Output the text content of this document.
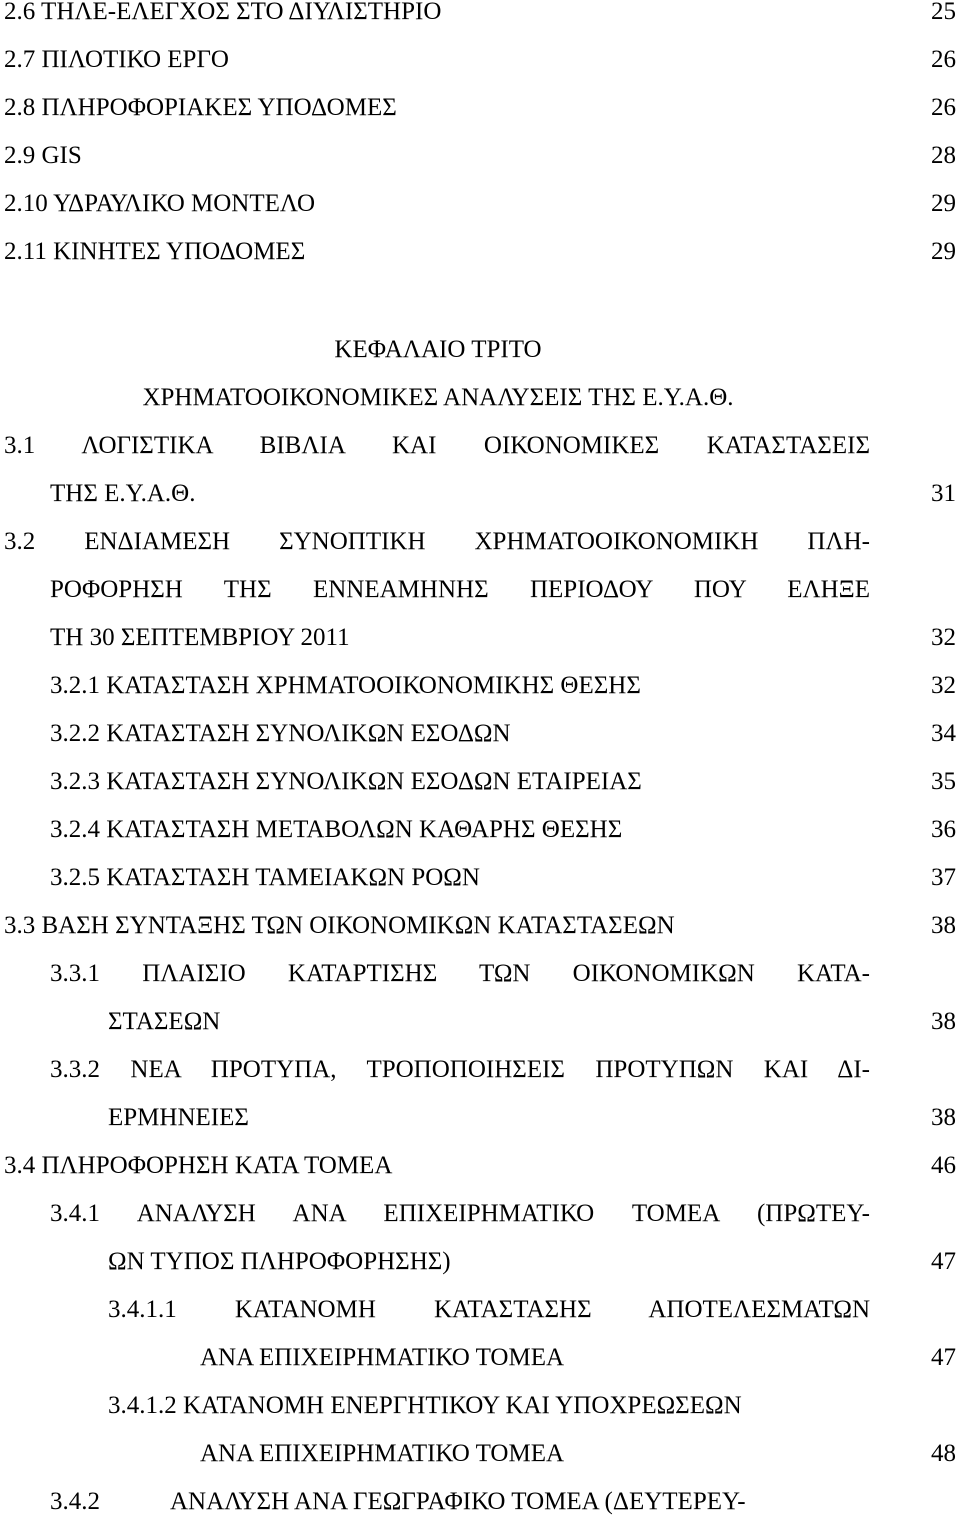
2.6 ΤΗΛΕ-ΕΛΕΓΧΟΣ ΣΤΟ ΔΙΥΛΙΣΤΗΡΙΟ	25
2.7 ΠΙΛΟΤΙΚΟ ΕΡΓΟ	26
2.8 ΠΛΗΡΟΦΟΡΙΑΚΕΣ ΥΠΟΔΟΜΕΣ	26
2.9 GIS	28
2.10 ΥΔΡΑΥΛΙΚΟ ΜΟΝΤΕΛΟ	29
2.11 ΚΙΝΗΤΕΣ ΥΠΟΔΟΜΕΣ	29
ΚΕΦΑΛΑΙΟ ΤΡΙΤΟ
ΧΡΗΜΑΤΟΟΙΚΟΝΟΜΙΚΕΣ ΑΝΑΛΥΣΕΙΣ ΤΗΣ Ε.Υ.Α.Θ.
3.1 ΛΟΓΙΣΤΙΚΑ ΒΙΒΛΙΑ ΚΑΙ ΟΙΚΟΝΟΜΙΚΕΣ ΚΑΤΑΣΤΑΣΕΙΣ
ΤΗΣ Ε.Υ.Α.Θ.	31
3.2 ΕΝΔΙΑΜΕΣΗ ΣΥΝΟΠΤΙΚΗ ΧΡΗΜΑΤΟΟΙΚΟΝΟΜΙΚΗ ΠΛΗ-
ΡΟΦΟΡΗΣΗ ΤΗΣ ΕΝΝΕΑΜΗΝΗΣ ΠΕΡΙΟΔΟΥ ΠΟΥ ΕΛΗΞΕ
ΤΗ 30 ΣΕΠΤΕΜΒΡΙΟΥ 2011	32
3.2.1 ΚΑΤΑΣΤΑΣΗ ΧΡΗΜΑΤΟΟΙΚΟΝΟΜΙΚΗΣ ΘΕΣΗΣ	32
3.2.2 ΚΑΤΑΣΤΑΣΗ ΣΥΝΟΛΙΚΩΝ ΕΣΟΔΩΝ	34
3.2.3 ΚΑΤΑΣΤΑΣΗ ΣΥΝΟΛΙΚΩΝ ΕΣΟΔΩΝ ΕΤΑΙΡΕΙΑΣ	35
3.2.4 ΚΑΤΑΣΤΑΣΗ ΜΕΤΑΒΟΛΩΝ ΚΑΘΑΡΗΣ ΘΕΣΗΣ	36
3.2.5 ΚΑΤΑΣΤΑΣΗ ΤΑΜΕΙΑΚΩΝ ΡΟΩΝ	37
3.3 ΒΑΣΗ ΣΥΝΤΑΞΗΣ ΤΩΝ ΟΙΚΟΝΟΜΙΚΩΝ ΚΑΤΑΣΤΑΣΕΩΝ	38
3.3.1 ΠΛΑΙΣΙΟ ΚΑΤΑΡΤΙΣΗΣ ΤΩΝ ΟΙΚΟΝΟΜΙΚΩΝ ΚΑΤΑ-
ΣΤΑΣΕΩΝ	38
3.3.2 ΝΕΑ ΠΡΟΤΥΠΑ, ΤΡΟΠΟΠΟΙΗΣΕΙΣ ΠΡΟΤΥΠΩΝ ΚΑΙ ΔΙ-
ΕΡΜΗΝΕΙΕΣ	38
3.4 ΠΛΗΡΟΦΟΡΗΣΗ ΚΑΤΑ ΤΟΜΕΑ	46
3.4.1 ΑΝΑΛΥΣΗ ΑΝΑ ΕΠΙΧΕΙΡΗΜΑΤΙΚΟ ΤΟΜΕΑ (ΠΡΩΤΕΥ-
ΩΝ ΤΥΠΟΣ ΠΛΗΡΟΦΟΡΗΣΗΣ)	47
3.4.1.1 ΚΑΤΑΝΟΜΗ ΚΑΤΑΣΤΑΣΗΣ ΑΠΟΤΕΛΕΣΜΑΤΩΝ
ΑΝΑ ΕΠΙΧΕΙΡΗΜΑΤΙΚΟ ΤΟΜΕΑ	47
3.4.1.2 ΚΑΤΑΝΟΜΗ ΕΝΕΡΓΗΤΙΚΟΥ ΚΑΙ ΥΠΟΧΡΕΩΣΕΩΝ
ΑΝΑ ΕΠΙΧΕΙΡΗΜΑΤΙΚΟ ΤΟΜΕΑ	48
3.4.2	ΑΝΑΛΥΣΗ ΑΝΑ ΓΕΩΓΡΑΦΙΚΟ ΤΟΜΕΑ (ΔΕΥΤΕΡΕΥ-
